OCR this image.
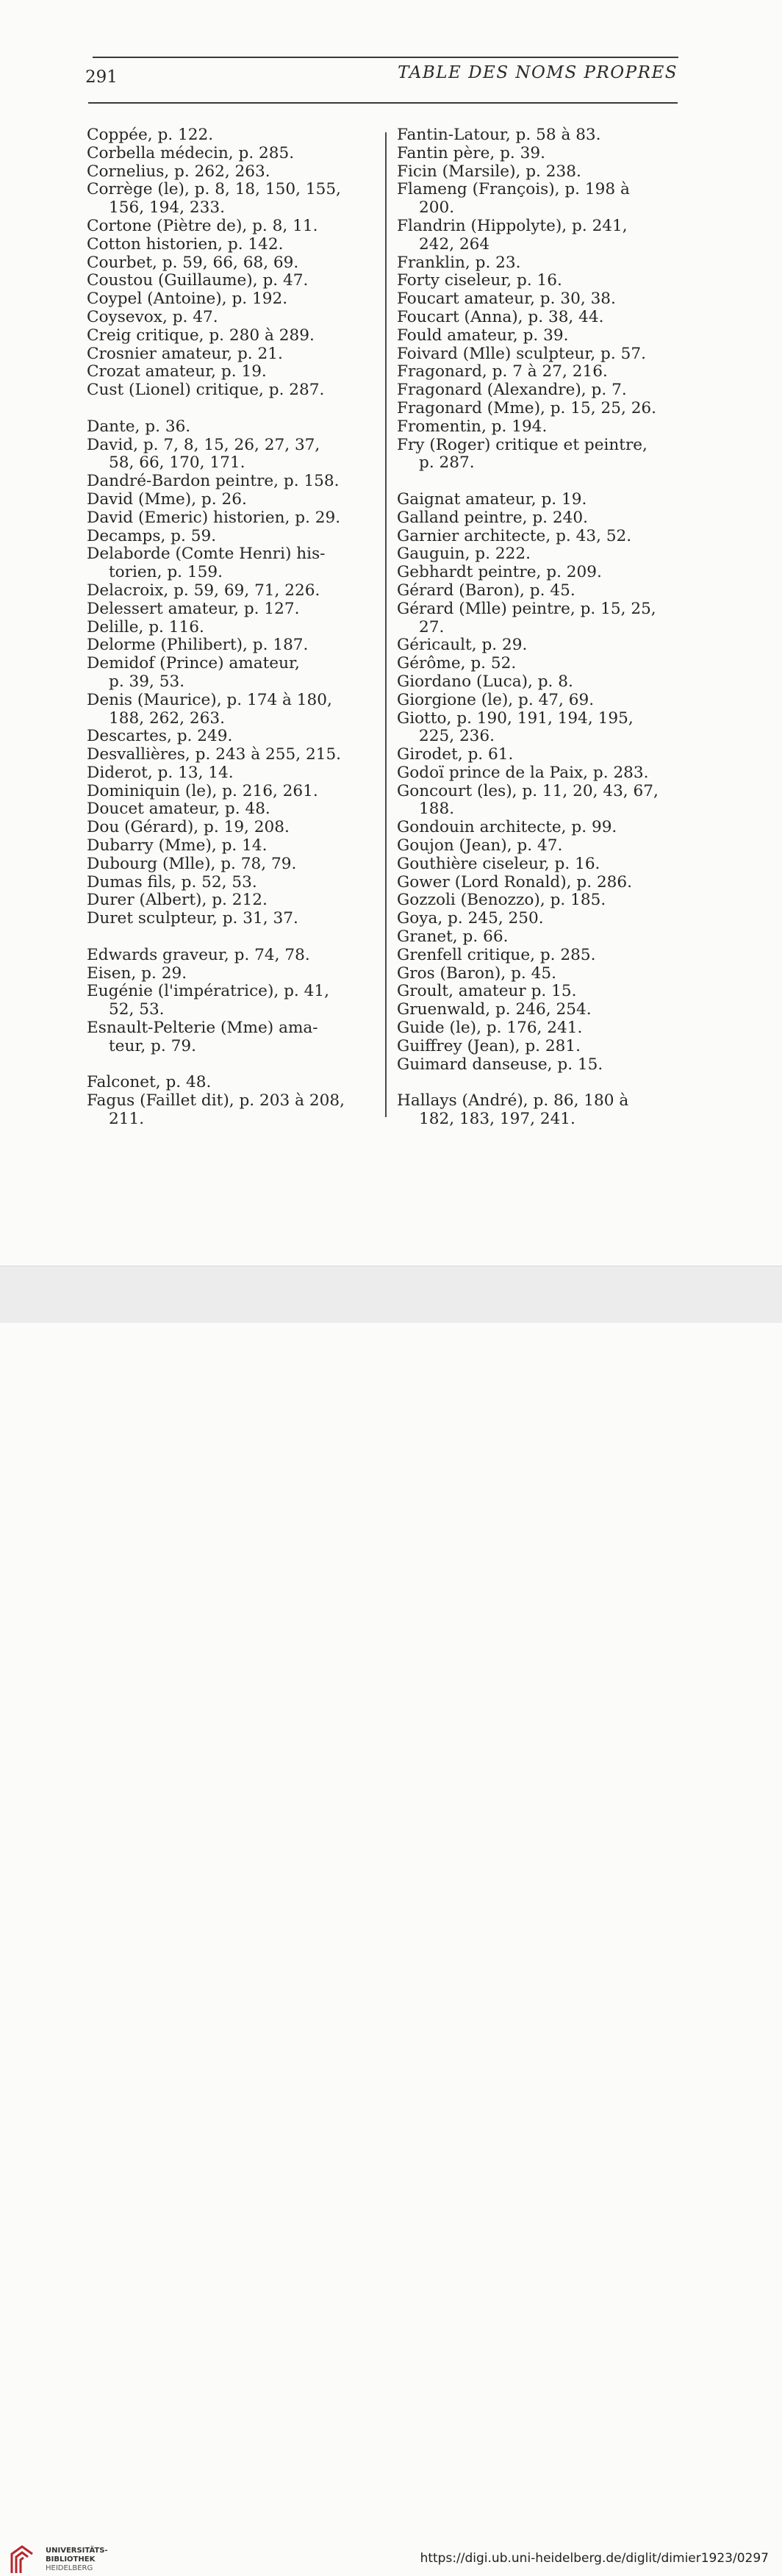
291	TABLE DES NOMS PROPRES
Coppée, p. 122.
Corbella médecin, p. 285.
Cornelius, p. 262, 263.
Corrège (le), p. 8, 18, 150, 155,
156, 194, 233.
Cortone (Piètre de), p. 8, 11.
Cotton historien, p. 142.
Courbet, p. 59, 66, 68, 69.
Coustou (Guillaume), p. 47.
Coypel (Antoine), p. 192.
Coysevox, p. 47.
Creig critique, p. 280 à 289.
Crosnier amateur, p. 21.
Crozat amateur, p. 19.
Cust (Lionel) critique, p. 287.
Dante, p. 36.
David, p. 7, 8, 15, 26, 27, 37,
58, 66, 170, 171.
Dandré-Bardon peintre, p. 158.
David (Mme), p. 26.
David (Emeric) historien, p. 29.
Decamps, p. 59.
Delaborde (Comte Henri) his-
torien, p. 159.
Delacroix, p. 59, 69, 71, 226.
Delessert amateur, p. 127.
Delille, p. 116.
Delorme (Philibert), p. 187.
Demidof (Prince) amateur,
p. 39, 53.
Denis (Maurice), p. 174 à 180,
188, 262, 263.
Descartes, p. 249.
Desvallières, p. 243 à 255, 215.
Diderot, p. 13, 14.
Dominiquin (le), p. 216, 261.
Doucet amateur, p. 48.
Dou (Gérard), p. 19, 208.
Dubarry (Mme), p. 14.
Dubourg (Mlle), p. 78, 79.
Dumas fils, p. 52, 53.
Durer (Albert), p. 212.
Duret sculpteur, p. 31, 37.
Edwards graveur, p. 74, 78.
Eisen, p. 29.
Eugénie (l'impératrice), p. 41,
52, 53.
Esnault-Pelterie (Mme) ama-
teur, p. 79.
Falconet, p. 48.
Fagus (Faillet dit), p. 203 à 208,
211.
Fantin-Latour, p. 58 à 83.
Fantin père, p. 39.
Ficin (Marsile), p. 238.
Flameng (François), p. 198 à
200.
Flandrin (Hippolyte), p. 241,
242, 264
Franklin, p. 23.
Forty ciseleur, p. 16.
Foucart amateur, p. 30, 38.
Foucart (Anna), p. 38, 44.
Fould amateur, p. 39.
Foivard (Mlle) sculpteur, p. 57.
Fragonard, p. 7 à 27, 216.
Fragonard (Alexandre), p. 7.
Fragonard (Mme), p. 15, 25, 26.
Fromentin, p. 194.
Fry (Roger) critique et peintre,
p. 287.
Gaignat amateur, p. 19.
Galland peintre, p. 240.
Garnier architecte, p. 43, 52.
Gauguin, p. 222.
Gebhardt peintre, p. 209.
Gérard (Baron), p. 45.
Gérard (Mlle) peintre, p. 15, 25,
27.
Géricault, p. 29.
Gérôme, p. 52.
Giordano (Luca), p. 8.
Giorgione (le), p. 47, 69.
Giotto, p. 190, 191, 194, 195,
225, 236.
Girodet, p. 61.
Godoï prince de la Paix, p. 283.
Goncourt (les), p. 11, 20, 43, 67,
188.
Gondouin architecte, p. 99.
Goujon (Jean), p. 47.
Gouthière ciseleur, p. 16.
Gower (Lord Ronald), p. 286.
Gozzoli (Benozzo), p. 185.
Goya, p. 245, 250.
Granet, p. 66.
Grenfell critique, p. 285.
Gros (Baron), p. 45.
Groult, amateur p. 15.
Gruenwald, p. 246, 254.
Guide (le), p. 176, 241.
Guiffrey (Jean), p. 281.
Guimard danseuse, p. 15.
Hallays (André), p. 86, 180 à
182, 183, 197, 241.
UNIVERSITÄTS-
BIBLIOTHEK
HEIDELBERG
https://digi.ub.uni-heidelberg.de/diglit/dimier1923/0297
